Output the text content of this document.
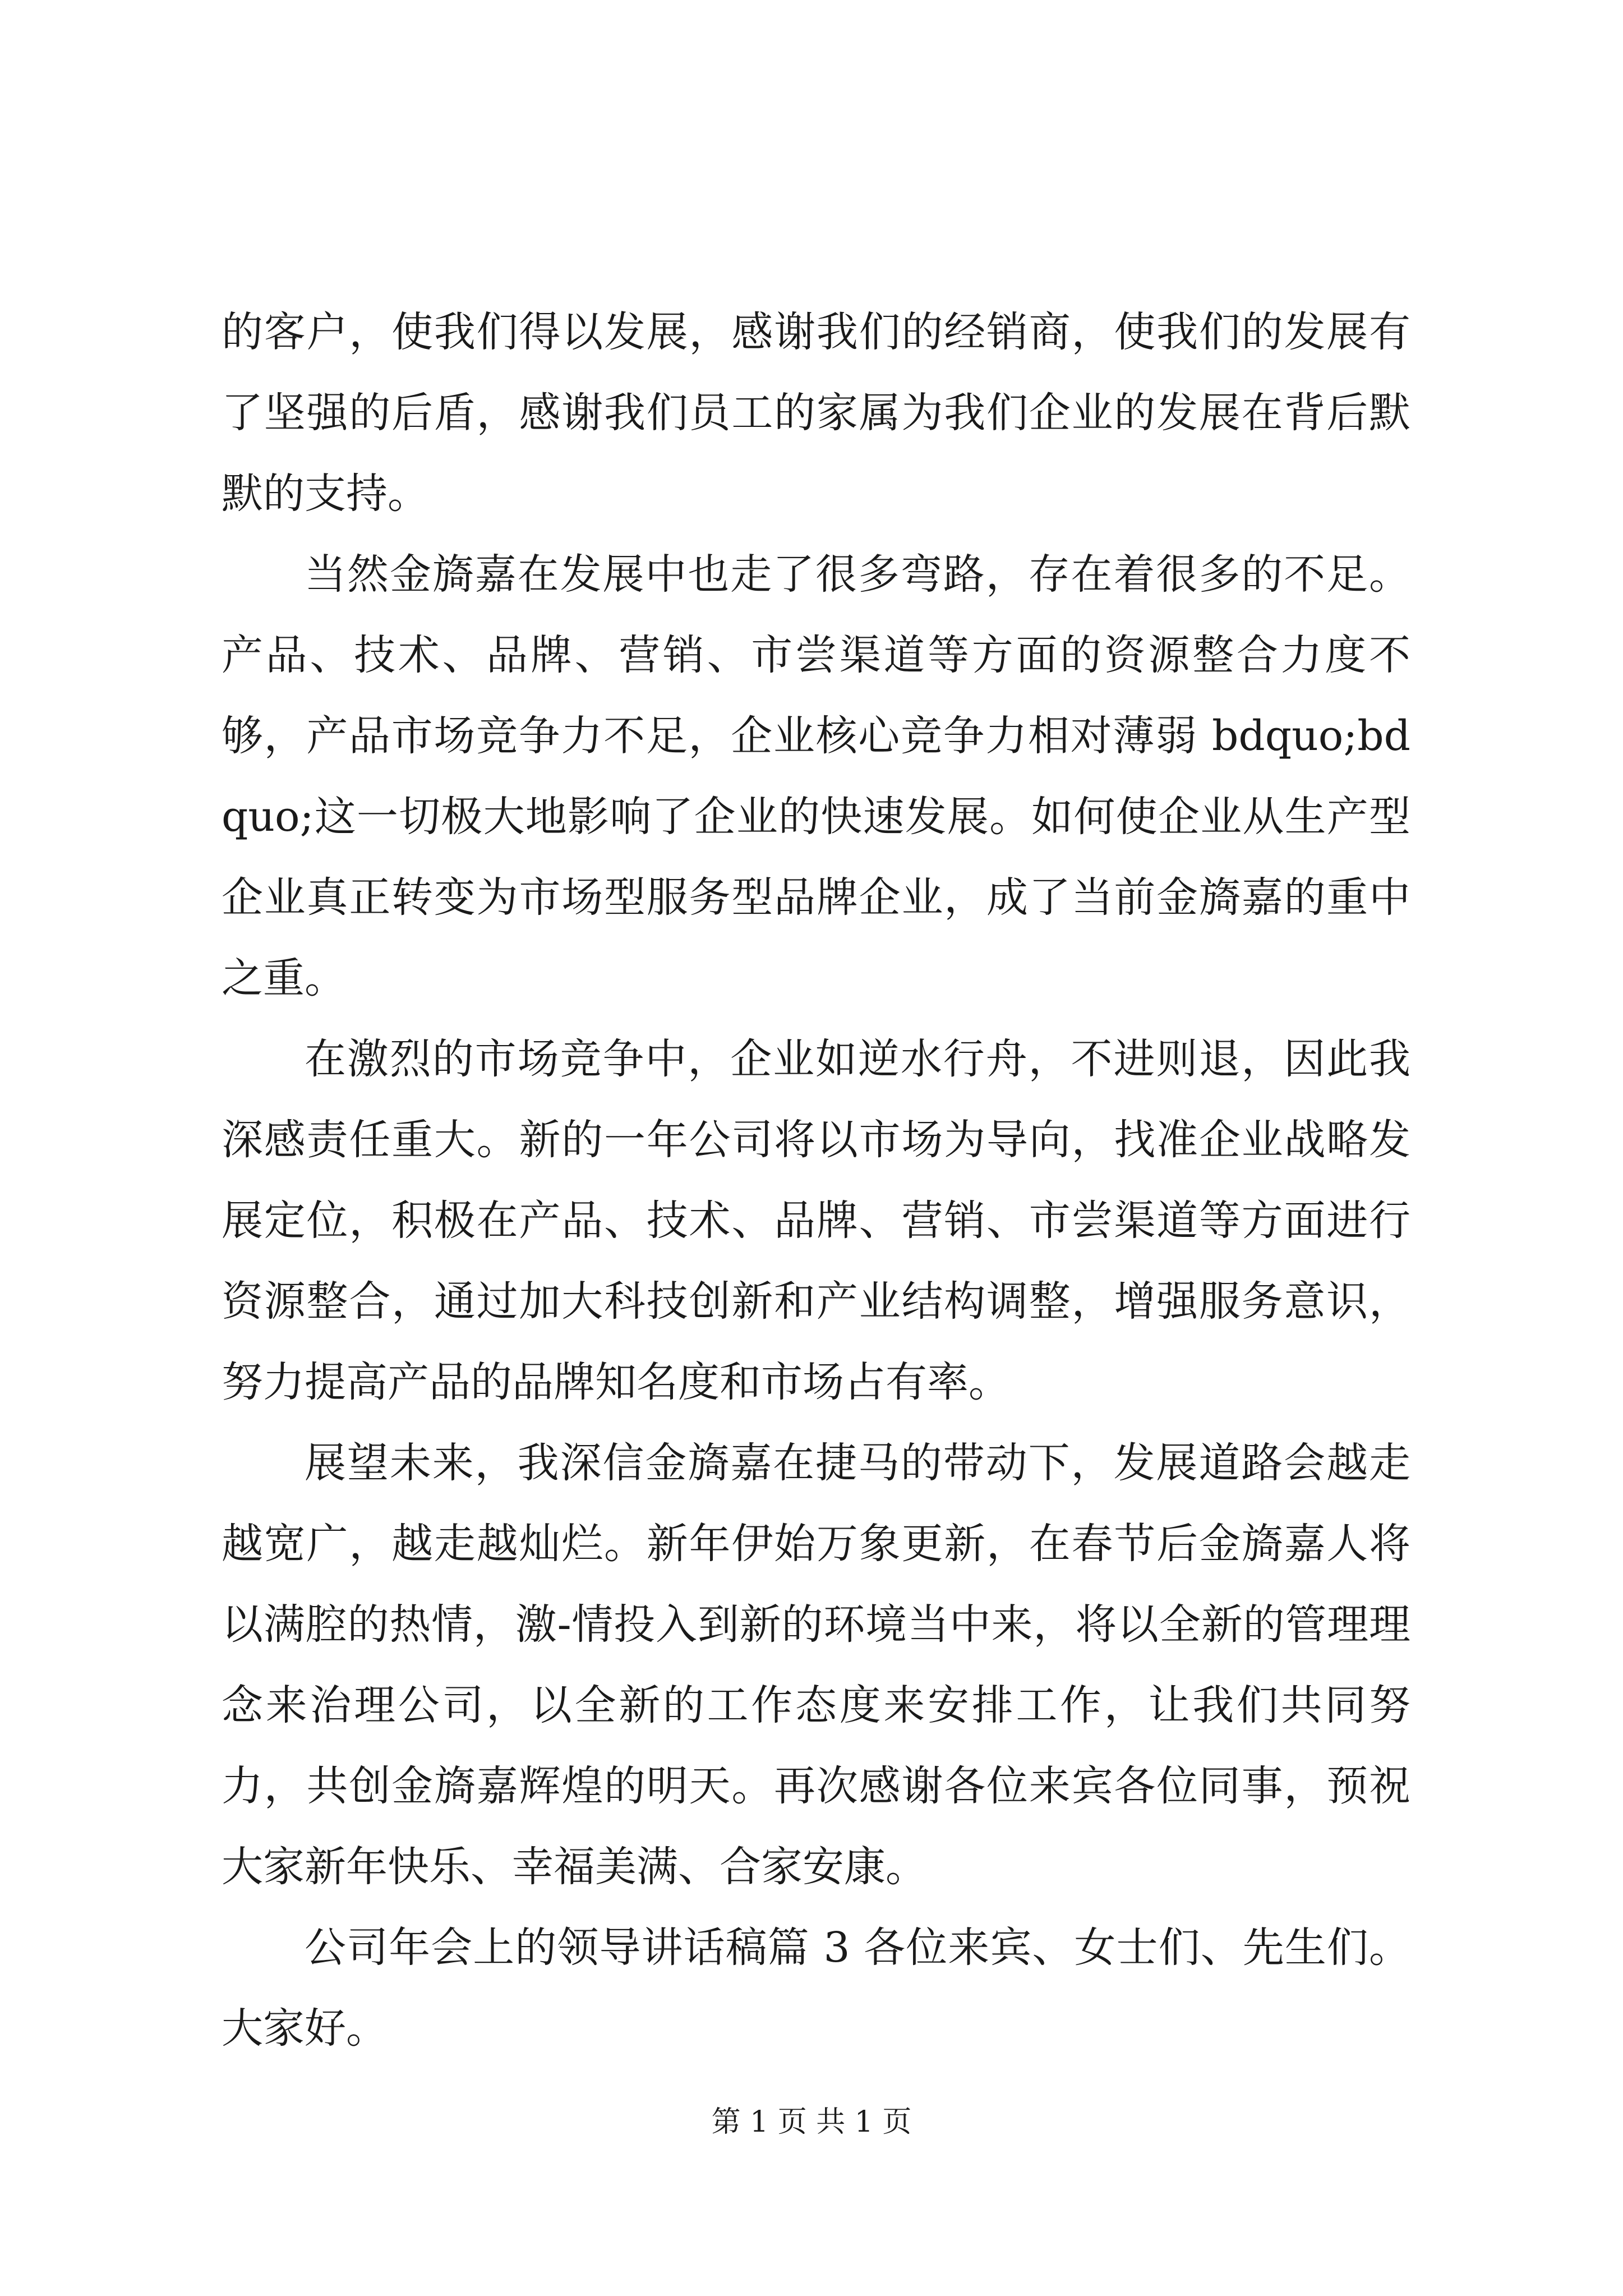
的客户，使我们得以发展，感谢我们的经销商，使我们的发展有了坚强的后盾，感谢我们员工的家属为我们企业的发展在背后默默的支持。

当然金旖嘉在发展中也走了很多弯路，存在着很多的不足。产品、技术、品牌、营销、市尝渠道等方面的资源整合力度不够，产品市场竞争力不足，企业核心竞争力相对薄弱 bdquo;bdquo;这一切极大地影响了企业的快速发展。如何使企业从生产型企业真正转变为市场型服务型品牌企业，成了当前金旖嘉的重中之重。

在激烈的市场竞争中，企业如逆水行舟，不进则退，因此我深感责任重大。新的一年公司将以市场为导向，找准企业战略发展定位，积极在产品、技术、品牌、营销、市尝渠道等方面进行资源整合，通过加大科技创新和产业结构调整，增强服务意识，努力提高产品的品牌知名度和市场占有率。

展望未来，我深信金旖嘉在捷马的带动下，发展道路会越走越宽广，越走越灿烂。新年伊始万象更新，在春节后金旖嘉人将以满腔的热情，激-情投入到新的环境当中来，将以全新的管理理念来治理公司，以全新的工作态度来安排工作，让我们共同努力，共创金旖嘉辉煌的明天。再次感谢各位来宾各位同事，预祝大家新年快乐、幸福美满、合家安康。

公司年会上的领导讲话稿篇 3 各位来宾、女士们、先生们。大家好。

第 1 页 共 1 页
